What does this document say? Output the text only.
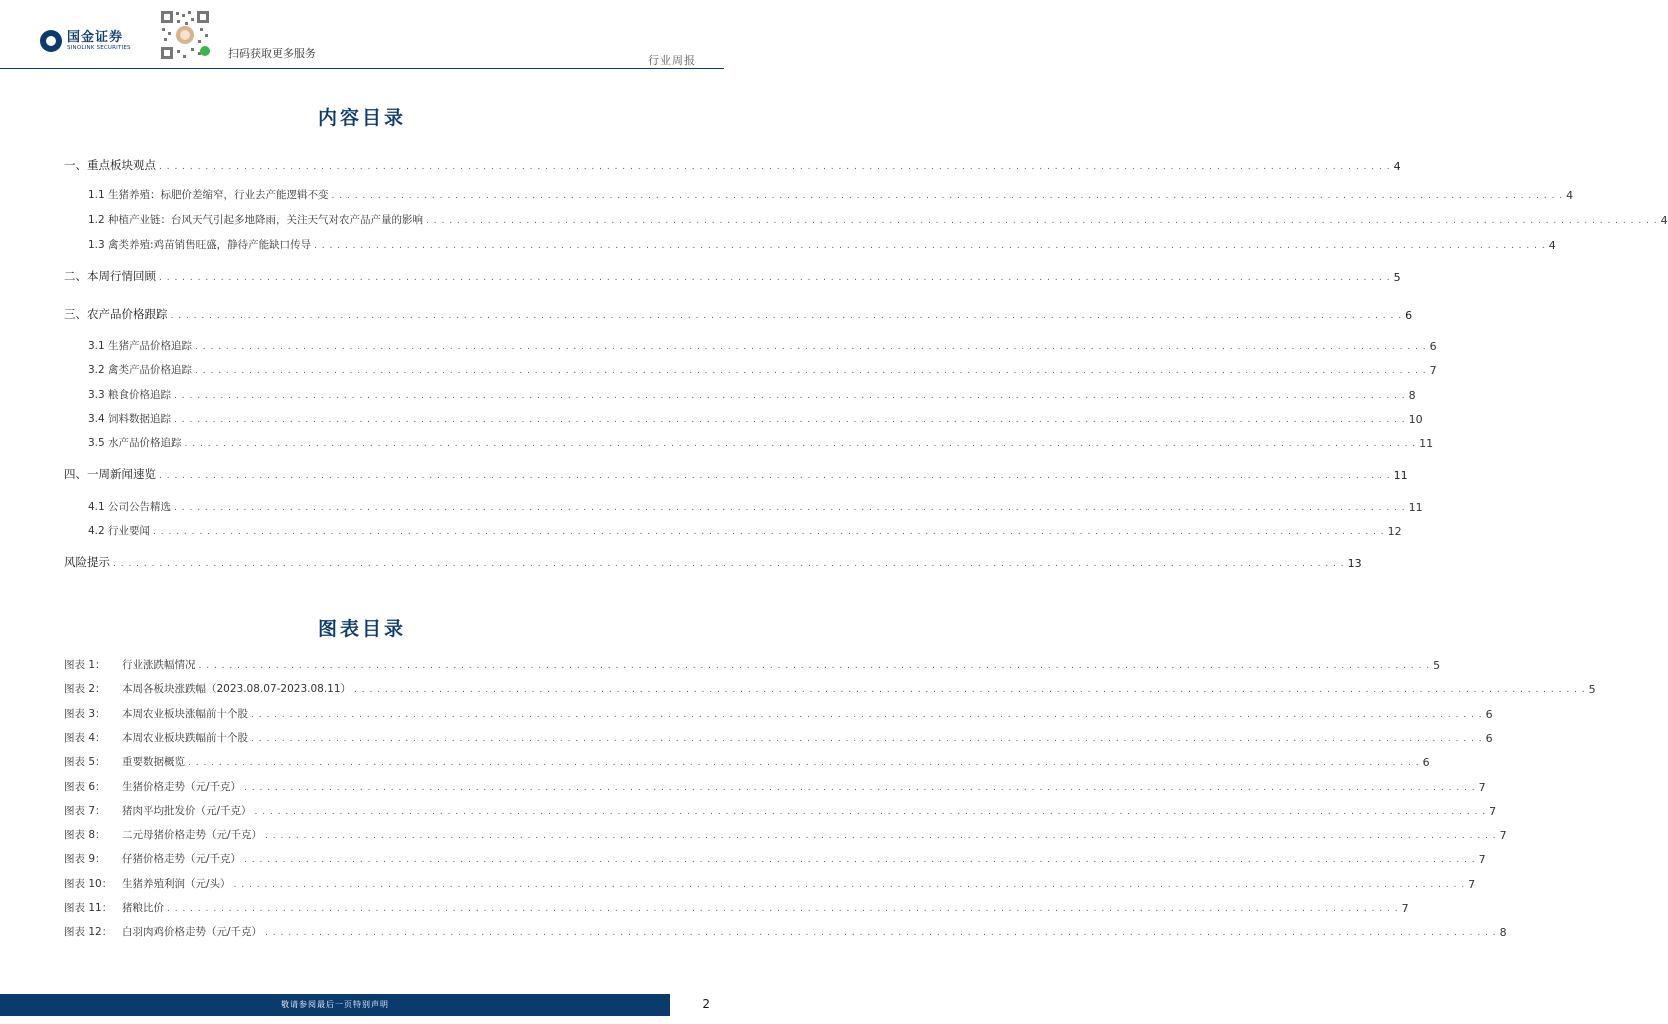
国金证券
SINOLINK SECURITIES	扫码获取更多服务
行业周报
内容目录
一、重点板块观点 . . . . . . . . . . . . . . . . . . . . . . . . . . . . . . . . . . . . . . . . . . . . . . . . . . . . . . . . . . . . . . . . . . . . . . . . . . . . . . . . . . . . . . . . . . . . . . . . . . . . . . . . . . . . . . . . . . . . . . . . . . . . . . . . . . . . . . . . . . . . . . . . . . . . . . . . . . . . . . . . 4
1.1 生猪养殖：标肥价差缩窄，行业去产能逻辑不变 . . . . . . . . . . . . . . . . . . . . . . . . . . . . . . . . . . . . . . . . . . . . . . . . . . . . . . . . . . . . . . . . . . . . . . . . . . . . . . . . . . . . . . . . . . . . . . . . . . . . . . . . . . . . . . . . . . . . . . . . . . . . . . . . . . . . . . . . . . . . . . . . . . . . . . . . . . . . . . . . 4
1.2 种植产业链：台风天气引起多地降雨，关注天气对农产品产量的影响 . . . . . . . . . . . . . . . . . . . . . . . . . . . . . . . . . . . . . . . . . . . . . . . . . . . . . . . . . . . . . . . . . . . . . . . . . . . . . . . . . . . . . . . . . . . . . . . . . . . . . . . . . . . . . . . . . . . . . . . . . . . . . . . . . . . . . . . . . . . . . . . . . . . . . . . . . . . . . . . . 4
1.3 禽类养殖:鸡苗销售旺盛，静待产能缺口传导 . . . . . . . . . . . . . . . . . . . . . . . . . . . . . . . . . . . . . . . . . . . . . . . . . . . . . . . . . . . . . . . . . . . . . . . . . . . . . . . . . . . . . . . . . . . . . . . . . . . . . . . . . . . . . . . . . . . . . . . . . . . . . . . . . . . . . . . . . . . . . . . . . . . . . . . . . . . . . . . . 4
二、本周行情回顾 . . . . . . . . . . . . . . . . . . . . . . . . . . . . . . . . . . . . . . . . . . . . . . . . . . . . . . . . . . . . . . . . . . . . . . . . . . . . . . . . . . . . . . . . . . . . . . . . . . . . . . . . . . . . . . . . . . . . . . . . . . . . . . . . . . . . . . . . . . . . . . . . . . . . . . . . . . . . . . . . 5
三、农产品价格跟踪 . . . . . . . . . . . . . . . . . . . . . . . . . . . . . . . . . . . . . . . . . . . . . . . . . . . . . . . . . . . . . . . . . . . . . . . . . . . . . . . . . . . . . . . . . . . . . . . . . . . . . . . . . . . . . . . . . . . . . . . . . . . . . . . . . . . . . . . . . . . . . . . . . . . . . . . . . . . . . . . . 6
3.1 生猪产品价格追踪 . . . . . . . . . . . . . . . . . . . . . . . . . . . . . . . . . . . . . . . . . . . . . . . . . . . . . . . . . . . . . . . . . . . . . . . . . . . . . . . . . . . . . . . . . . . . . . . . . . . . . . . . . . . . . . . . . . . . . . . . . . . . . . . . . . . . . . . . . . . . . . . . . . . . . . . . . . . . . . . . 6
3.2 禽类产品价格追踪 . . . . . . . . . . . . . . . . . . . . . . . . . . . . . . . . . . . . . . . . . . . . . . . . . . . . . . . . . . . . . . . . . . . . . . . . . . . . . . . . . . . . . . . . . . . . . . . . . . . . . . . . . . . . . . . . . . . . . . . . . . . . . . . . . . . . . . . . . . . . . . . . . . . . . . . . . . . . . . . . 7
3.3 粮食价格追踪 . . . . . . . . . . . . . . . . . . . . . . . . . . . . . . . . . . . . . . . . . . . . . . . . . . . . . . . . . . . . . . . . . . . . . . . . . . . . . . . . . . . . . . . . . . . . . . . . . . . . . . . . . . . . . . . . . . . . . . . . . . . . . . . . . . . . . . . . . . . . . . . . . . . . . . . . . . . . . . . . 8
3.4 饲料数据追踪 . . . . . . . . . . . . . . . . . . . . . . . . . . . . . . . . . . . . . . . . . . . . . . . . . . . . . . . . . . . . . . . . . . . . . . . . . . . . . . . . . . . . . . . . . . . . . . . . . . . . . . . . . . . . . . . . . . . . . . . . . . . . . . . . . . . . . . . . . . . . . . . . . . . . . . . . . . . . . . . . 10
3.5 水产品价格追踪 . . . . . . . . . . . . . . . . . . . . . . . . . . . . . . . . . . . . . . . . . . . . . . . . . . . . . . . . . . . . . . . . . . . . . . . . . . . . . . . . . . . . . . . . . . . . . . . . . . . . . . . . . . . . . . . . . . . . . . . . . . . . . . . . . . . . . . . . . . . . . . . . . . . . . . . . . . . . . . . . 11
四、一周新闻速览 . . . . . . . . . . . . . . . . . . . . . . . . . . . . . . . . . . . . . . . . . . . . . . . . . . . . . . . . . . . . . . . . . . . . . . . . . . . . . . . . . . . . . . . . . . . . . . . . . . . . . . . . . . . . . . . . . . . . . . . . . . . . . . . . . . . . . . . . . . . . . . . . . . . . . . . . . . . . . . . . 11
4.1 公司公告精选 . . . . . . . . . . . . . . . . . . . . . . . . . . . . . . . . . . . . . . . . . . . . . . . . . . . . . . . . . . . . . . . . . . . . . . . . . . . . . . . . . . . . . . . . . . . . . . . . . . . . . . . . . . . . . . . . . . . . . . . . . . . . . . . . . . . . . . . . . . . . . . . . . . . . . . . . . . . . . . . . 11
4.2 行业要闻 . . . . . . . . . . . . . . . . . . . . . . . . . . . . . . . . . . . . . . . . . . . . . . . . . . . . . . . . . . . . . . . . . . . . . . . . . . . . . . . . . . . . . . . . . . . . . . . . . . . . . . . . . . . . . . . . . . . . . . . . . . . . . . . . . . . . . . . . . . . . . . . . . . . . . . . . . . . . . . . . 12
风险提示 . . . . . . . . . . . . . . . . . . . . . . . . . . . . . . . . . . . . . . . . . . . . . . . . . . . . . . . . . . . . . . . . . . . . . . . . . . . . . . . . . . . . . . . . . . . . . . . . . . . . . . . . . . . . . . . . . . . . . . . . . . . . . . . . . . . . . . . . . . . . . . . . . . . . . . . . . . . . . . . . 13
图表目录
图表 1：	行业涨跌幅情况 . . . . . . . . . . . . . . . . . . . . . . . . . . . . . . . . . . . . . . . . . . . . . . . . . . . . . . . . . . . . . . . . . . . . . . . . . . . . . . . . . . . . . . . . . . . . . . . . . . . . . . . . . . . . . . . . . . . . . . . . . . . . . . . . . . . . . . . . . . . . . . . . . . . . . . . . . . . . . . . . 5
图表 2：	本周各板块涨跌幅（2023.08.07-2023.08.11） . . . . . . . . . . . . . . . . . . . . . . . . . . . . . . . . . . . . . . . . . . . . . . . . . . . . . . . . . . . . . . . . . . . . . . . . . . . . . . . . . . . . . . . . . . . . . . . . . . . . . . . . . . . . . . . . . . . . . . . . . . . . . . . . . . . . . . . . . . . . . . . . . . . . . . . . . . . . . . . . 5
图表 3：	本周农业板块涨幅前十个股 . . . . . . . . . . . . . . . . . . . . . . . . . . . . . . . . . . . . . . . . . . . . . . . . . . . . . . . . . . . . . . . . . . . . . . . . . . . . . . . . . . . . . . . . . . . . . . . . . . . . . . . . . . . . . . . . . . . . . . . . . . . . . . . . . . . . . . . . . . . . . . . . . . . . . . . . . . . . . . . . 6
图表 4：	本周农业板块跌幅前十个股 . . . . . . . . . . . . . . . . . . . . . . . . . . . . . . . . . . . . . . . . . . . . . . . . . . . . . . . . . . . . . . . . . . . . . . . . . . . . . . . . . . . . . . . . . . . . . . . . . . . . . . . . . . . . . . . . . . . . . . . . . . . . . . . . . . . . . . . . . . . . . . . . . . . . . . . . . . . . . . . . 6
图表 5：	重要数据概览 . . . . . . . . . . . . . . . . . . . . . . . . . . . . . . . . . . . . . . . . . . . . . . . . . . . . . . . . . . . . . . . . . . . . . . . . . . . . . . . . . . . . . . . . . . . . . . . . . . . . . . . . . . . . . . . . . . . . . . . . . . . . . . . . . . . . . . . . . . . . . . . . . . . . . . . . . . . . . . . . 6
图表 6：	生猪价格走势（元/千克） . . . . . . . . . . . . . . . . . . . . . . . . . . . . . . . . . . . . . . . . . . . . . . . . . . . . . . . . . . . . . . . . . . . . . . . . . . . . . . . . . . . . . . . . . . . . . . . . . . . . . . . . . . . . . . . . . . . . . . . . . . . . . . . . . . . . . . . . . . . . . . . . . . . . . . . . . . . . . . . . 7
图表 7：	猪肉平均批发价（元/千克） . . . . . . . . . . . . . . . . . . . . . . . . . . . . . . . . . . . . . . . . . . . . . . . . . . . . . . . . . . . . . . . . . . . . . . . . . . . . . . . . . . . . . . . . . . . . . . . . . . . . . . . . . . . . . . . . . . . . . . . . . . . . . . . . . . . . . . . . . . . . . . . . . . . . . . . . . . . . . . . . 7
图表 8：	二元母猪价格走势（元/千克） . . . . . . . . . . . . . . . . . . . . . . . . . . . . . . . . . . . . . . . . . . . . . . . . . . . . . . . . . . . . . . . . . . . . . . . . . . . . . . . . . . . . . . . . . . . . . . . . . . . . . . . . . . . . . . . . . . . . . . . . . . . . . . . . . . . . . . . . . . . . . . . . . . . . . . . . . . . . . . . . 7
图表 9：	仔猪价格走势（元/千克） . . . . . . . . . . . . . . . . . . . . . . . . . . . . . . . . . . . . . . . . . . . . . . . . . . . . . . . . . . . . . . . . . . . . . . . . . . . . . . . . . . . . . . . . . . . . . . . . . . . . . . . . . . . . . . . . . . . . . . . . . . . . . . . . . . . . . . . . . . . . . . . . . . . . . . . . . . . . . . . . 7
图表 10： 生猪养殖利润（元/头） . . . . . . . . . . . . . . . . . . . . . . . . . . . . . . . . . . . . . . . . . . . . . . . . . . . . . . . . . . . . . . . . . . . . . . . . . . . . . . . . . . . . . . . . . . . . . . . . . . . . . . . . . . . . . . . . . . . . . . . . . . . . . . . . . . . . . . . . . . . . . . . . . . . . . . . . . . . . . . . . 7
图表 11： 猪粮比价 . . . . . . . . . . . . . . . . . . . . . . . . . . . . . . . . . . . . . . . . . . . . . . . . . . . . . . . . . . . . . . . . . . . . . . . . . . . . . . . . . . . . . . . . . . . . . . . . . . . . . . . . . . . . . . . . . . . . . . . . . . . . . . . . . . . . . . . . . . . . . . . . . . . . . . . . . . . . . . . . 7
图表 12： 白羽肉鸡价格走势（元/千克） . . . . . . . . . . . . . . . . . . . . . . . . . . . . . . . . . . . . . . . . . . . . . . . . . . . . . . . . . . . . . . . . . . . . . . . . . . . . . . . . . . . . . . . . . . . . . . . . . . . . . . . . . . . . . . . . . . . . . . . . . . . . . . . . . . . . . . . . . . . . . . . . . . . . . . . . . . . . . . . . 8
敬请参阅最后一页特别声明	2
